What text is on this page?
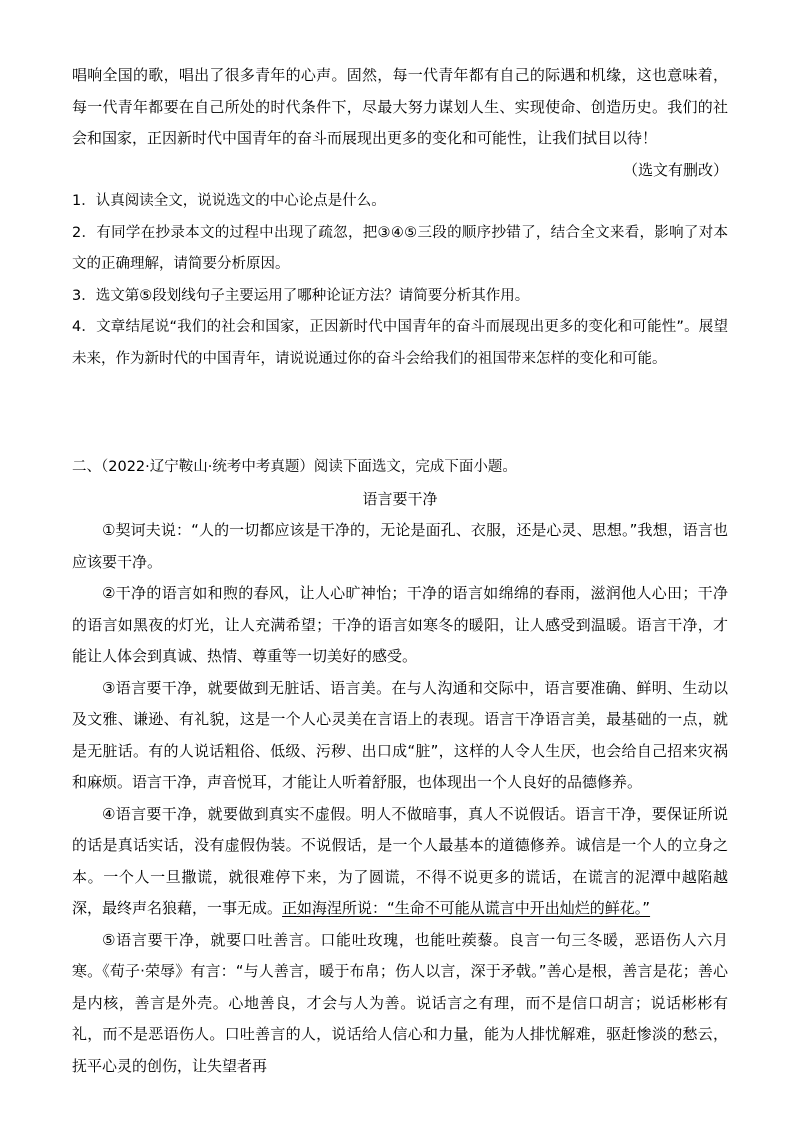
唱响全国的歌，唱出了很多青年的心声。固然，每一代青年都有自己的际遇和机缘，这也意味着，每一代青年都要在自己所处的时代条件下，尽最大努力谋划人生、实现使命、创造历史。我们的社会和国家，正因新时代中国青年的奋斗而展现出更多的变化和可能性，让我们拭目以待！

（选文有删改）

1．认真阅读全文，说说选文的中心论点是什么。

2．有同学在抄录本文的过程中出现了疏忽，把③④⑤三段的顺序抄错了，结合全文来看，影响了对本文的正确理解，请简要分析原因。

3．选文第⑤段划线句子主要运用了哪种论证方法？请简要分析其作用。

4．文章结尾说“我们的社会和国家，正因新时代中国青年的奋斗而展现出更多的变化和可能性”。展望未来，作为新时代的中国青年，请说说通过你的奋斗会给我们的祖国带来怎样的变化和可能。

二、（2022·辽宁鞍山·统考中考真题）阅读下面选文，完成下面小题。

语言要干净

①契诃夫说：“人的一切都应该是干净的，无论是面孔、衣服，还是心灵、思想。”我想，语言也应该要干净。

②干净的语言如和煦的春风，让人心旷神怡；干净的语言如绵绵的春雨，滋润他人心田；干净的语言如黑夜的灯光，让人充满希望；干净的语言如寒冬的暖阳，让人感受到温暖。语言干净，才能让人体会到真诚、热情、尊重等一切美好的感受。

③语言要干净，就要做到无脏话、语言美。在与人沟通和交际中，语言要准确、鲜明、生动以及文雅、谦逊、有礼貌，这是一个人心灵美在言语上的表现。语言干净语言美，最基础的一点，就是无脏话。有的人说话粗俗、低级、污秽、出口成“脏”，这样的人令人生厌，也会给自己招来灾祸和麻烦。语言干净，声音悦耳，才能让人听着舒服，也体现出一个人良好的品德修养。

④语言要干净，就要做到真实不虚假。明人不做暗事，真人不说假话。语言干净，要保证所说的话是真话实话，没有虚假伪装。不说假话，是一个人最基本的道德修养。诚信是一个人的立身之本。一个人一旦撒谎，就很难停下来，为了圆谎，不得不说更多的谎话，在谎言的泥潭中越陷越深，最终声名狼藉，一事无成。正如海涅所说：“生命不可能从谎言中开出灿烂的鲜花。”

⑤语言要干净，就要口吐善言。口能吐玫瑰，也能吐蒺藜。良言一句三冬暖，恶语伤人六月寒。《荀子·荣辱》有言：“与人善言，暖于布帛；伤人以言，深于矛戟。”善心是根，善言是花；善心是内核，善言是外壳。心地善良，才会与人为善。说话言之有理，而不是信口胡言；说话彬彬有礼，而不是恶语伤人。口吐善言的人，说话给人信心和力量，能为人排忧解难，驱赶惨淡的愁云，抚平心灵的创伤，让失望者再
